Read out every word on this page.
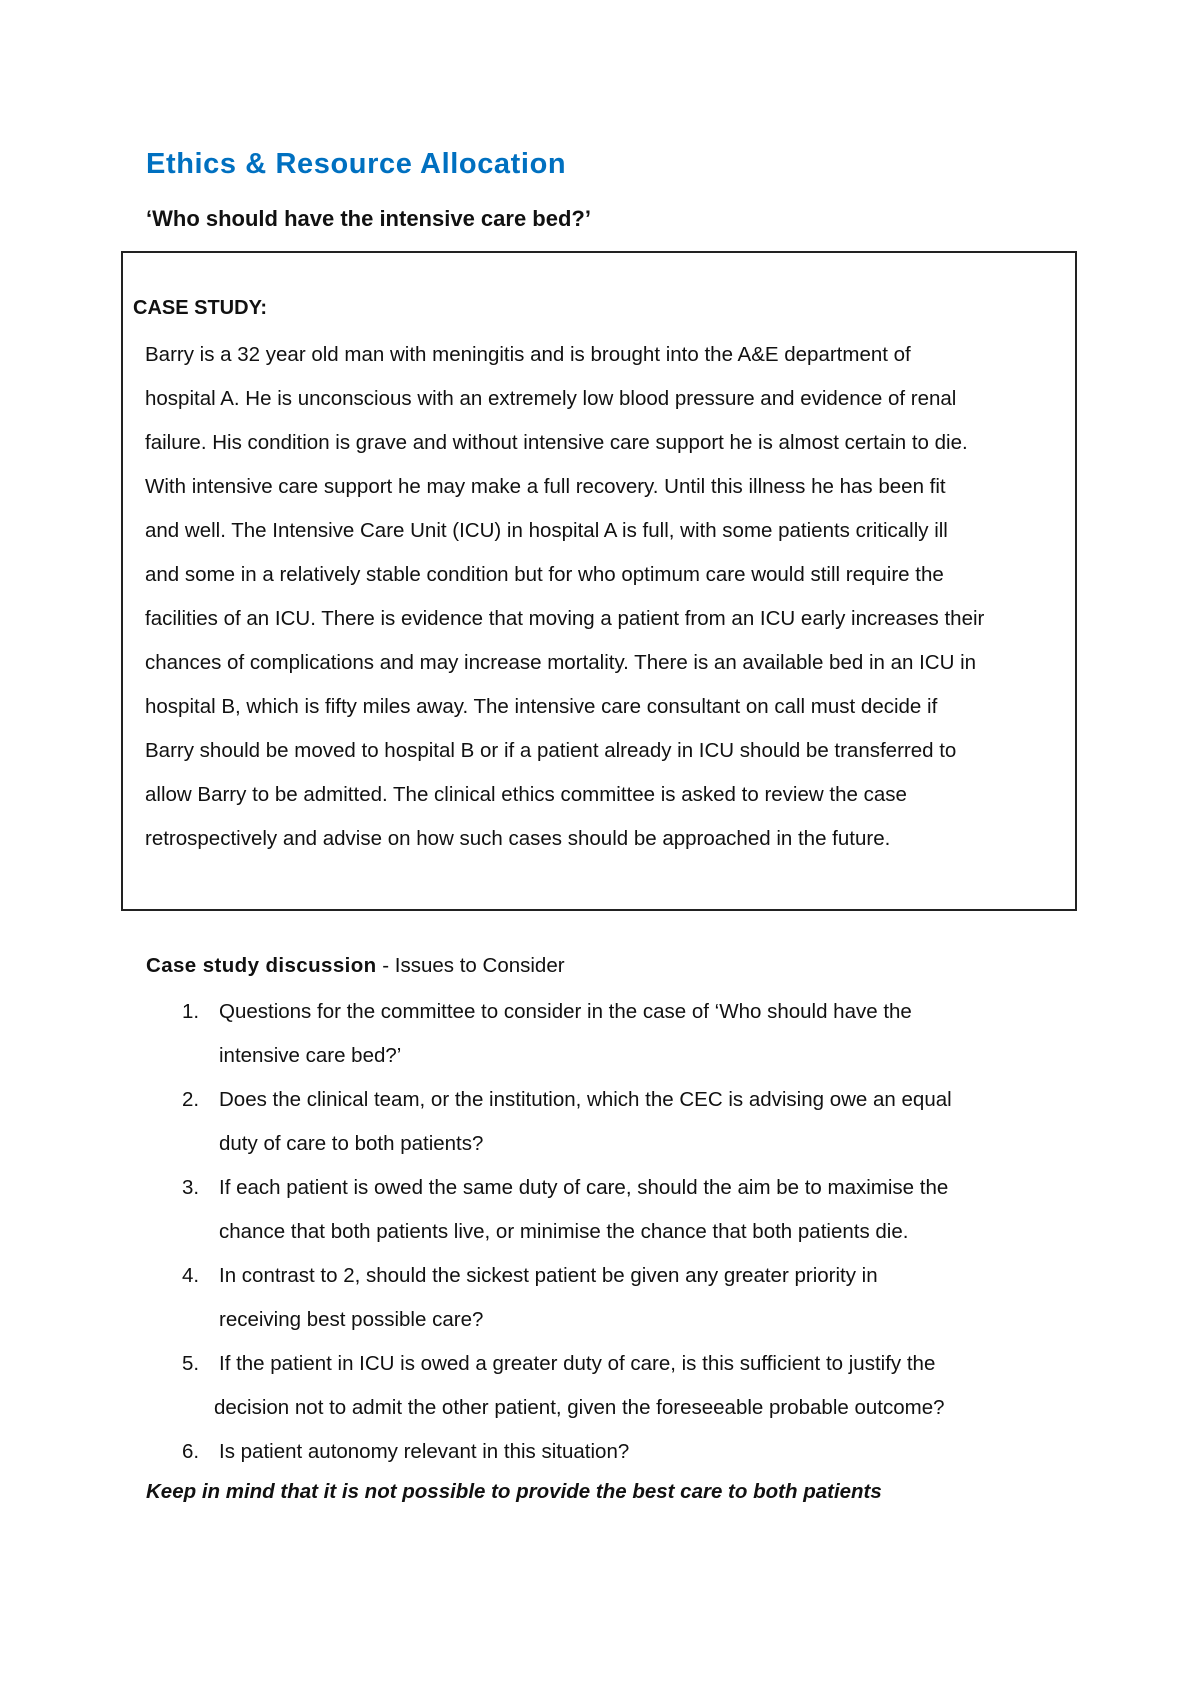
Ethics & Resource Allocation
‘Who should have the intensive care bed?’
CASE STUDY:
Barry is a 32 year old man with meningitis and is brought into the A&E department of
hospital A. He is unconscious with an extremely low blood pressure and evidence of renal
failure. His condition is grave and without intensive care support he is almost certain to die.
With intensive care support he may make a full recovery. Until this illness he has been fit
and well. The Intensive Care Unit (ICU) in hospital A is full, with some patients critically ill
and some in a relatively stable condition but for who optimum care would still require the
facilities of an ICU. There is evidence that moving a patient from an ICU early increases their
chances of complications and may increase mortality. There is an available bed in an ICU in
hospital B, which is fifty miles away. The intensive care consultant on call must decide if
Barry should be moved to hospital B or if a patient already in ICU should be transferred to
allow Barry to be admitted. The clinical ethics committee is asked to review the case
retrospectively and advise on how such cases should be approached in the future.
Case study discussion - Issues to Consider
1. Questions for the committee to consider in the case of ‘Who should have the
intensive care bed?’
2. Does the clinical team, or the institution, which the CEC is advising owe an equal
duty of care to both patients?
3. If each patient is owed the same duty of care, should the aim be to maximise the
chance that both patients live, or minimise the chance that both patients die.
4. In contrast to 2, should the sickest patient be given any greater priority in
receiving best possible care?
5. If the patient in ICU is owed a greater duty of care, is this sufficient to justify the
decision not to admit the other patient, given the foreseeable probable outcome?
6. Is patient autonomy relevant in this situation?
Keep in mind that it is not possible to provide the best care to both patients
